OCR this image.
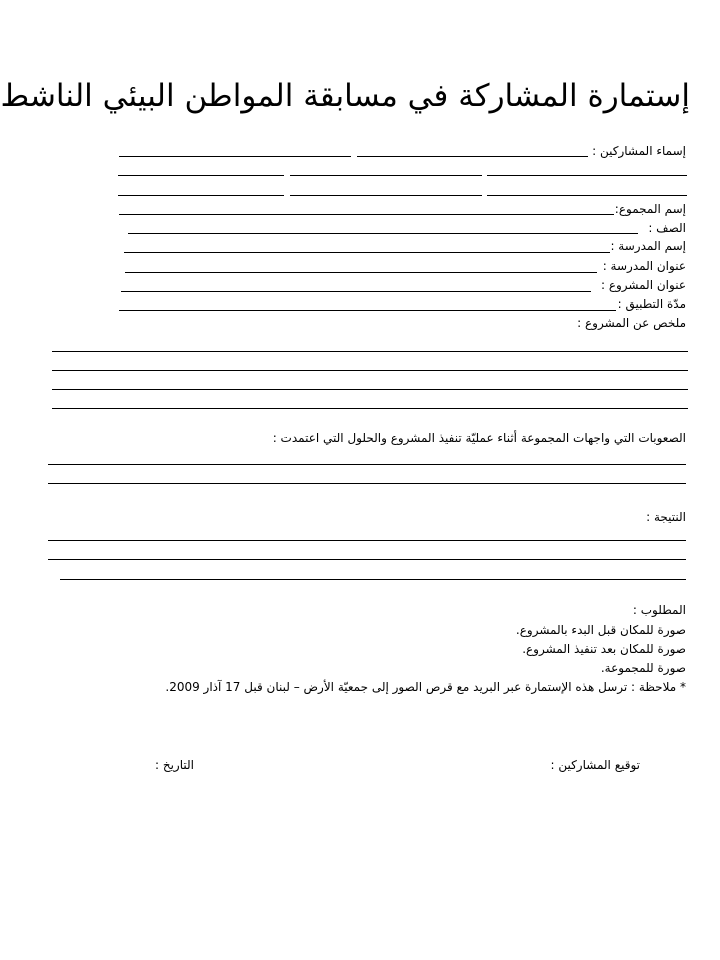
إستمارة المشاركة في مسابقة المواطن البيئي الناشط
إسماء المشاركين :
إسم المجموع:
الصف :
إسم المدرسة :
عنوان المدرسة :
عنوان المشروع :
مدّة التطبيق :
ملخص عن المشروع :
الصعوبات التي واجهات المجموعة أثناء عمليّة تنفيذ المشروع والحلول التي اعتمدت :
النتيجة :
المطلوب :
صورة للمكان قبل البدء بالمشروع.
صورة للمكان بعد تنفيذ المشروع.
صورة للمجموعة.
* ملاحظة : ترسل هذه الإستمارة عبر البريد مع قرص الصور إلى جمعيّة الأرض – لبنان قبل 17 آذار 2009.
توقيع المشاركين :
التاريخ :
